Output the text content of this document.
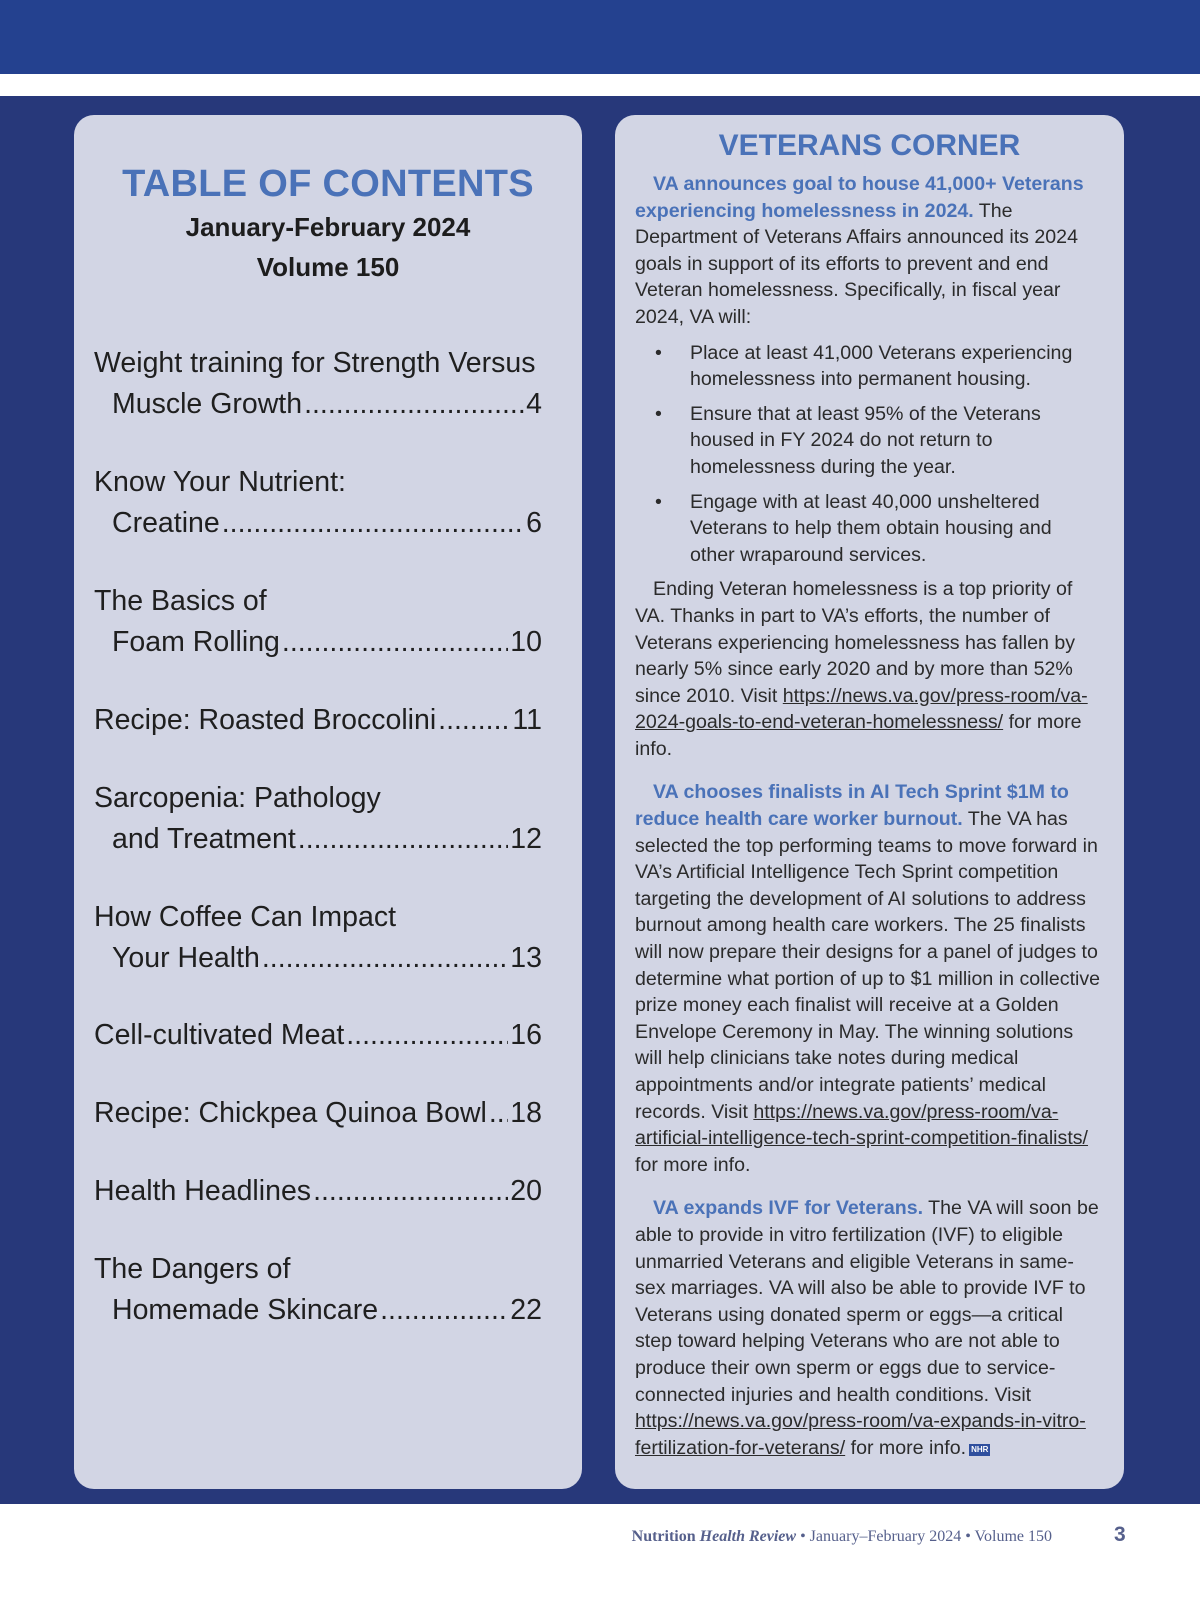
TABLE OF CONTENTS
January-February 2024
Volume 150
Weight training for Strength Versus
Muscle Growth .....	4
Know Your Nutrient:
Creatine .....	6
The Basics of
Foam Rolling .....	10
Recipe: Roasted Broccolini .....	11
Sarcopenia: Pathology
and Treatment .....	12
How Coffee Can Impact
Your Health .....	13
Cell-cultivated Meat .....	16
Recipe: Chickpea Quinoa Bowl ..... 18
Health Headlines .....	20
The Dangers of
Homemade Skincare .....	22
VETERANS CORNER

VA announces goal to house 41,000+ Veterans experiencing homelessness in 2024. The Department of Veterans Affairs announced its 2024 goals in support of its efforts to prevent and end Veteran homelessness. Specifically, in fiscal year 2024, VA will:

• Place at least 41,000 Veterans experiencing homelessness into permanent housing.
• Ensure that at least 95% of the Veterans housed in FY 2024 do not return to homelessness during the year.
• Engage with at least 40,000 unsheltered Veterans to help them obtain housing and other wraparound services.

Ending Veteran homelessness is a top priority of VA. Thanks in part to VA’s efforts, the number of Veterans experiencing homelessness has fallen by nearly 5% since early 2020 and by more than 52% since 2010. Visit https://news.va.gov/press-room/va-2024-goals-to-end-veteran-homelessness/ for more info.

VA chooses finalists in AI Tech Sprint $1M to reduce health care worker burnout. The VA has selected the top performing teams to move forward in VA’s Artificial Intelligence Tech Sprint competition targeting the development of AI solutions to address burnout among health care workers. The 25 finalists will now prepare their designs for a panel of judges to determine what portion of up to $1 million in collective prize money each finalist will receive at a Golden Envelope Ceremony in May. The winning solutions will help clinicians take notes during medical appointments and/or integrate patients’ medical records. Visit https://news.va.gov/press-room/va-artificial-intelligence-tech-sprint-competition-finalists/ for more info.

VA expands IVF for Veterans. The VA will soon be able to provide in vitro fertilization (IVF) to eligible unmarried Veterans and eligible Veterans in same-sex marriages. VA will also be able to provide IVF to Veterans using donated sperm or eggs—a critical step toward helping Veterans who are not able to produce their own sperm or eggs due to service-connected injuries and health conditions. Visit https://news.va.gov/press-room/va-expands-in-vitro-fertilization-for-veterans/ for more info. NHR

Nutrition Health Review • January–February 2024 • Volume 150	3
